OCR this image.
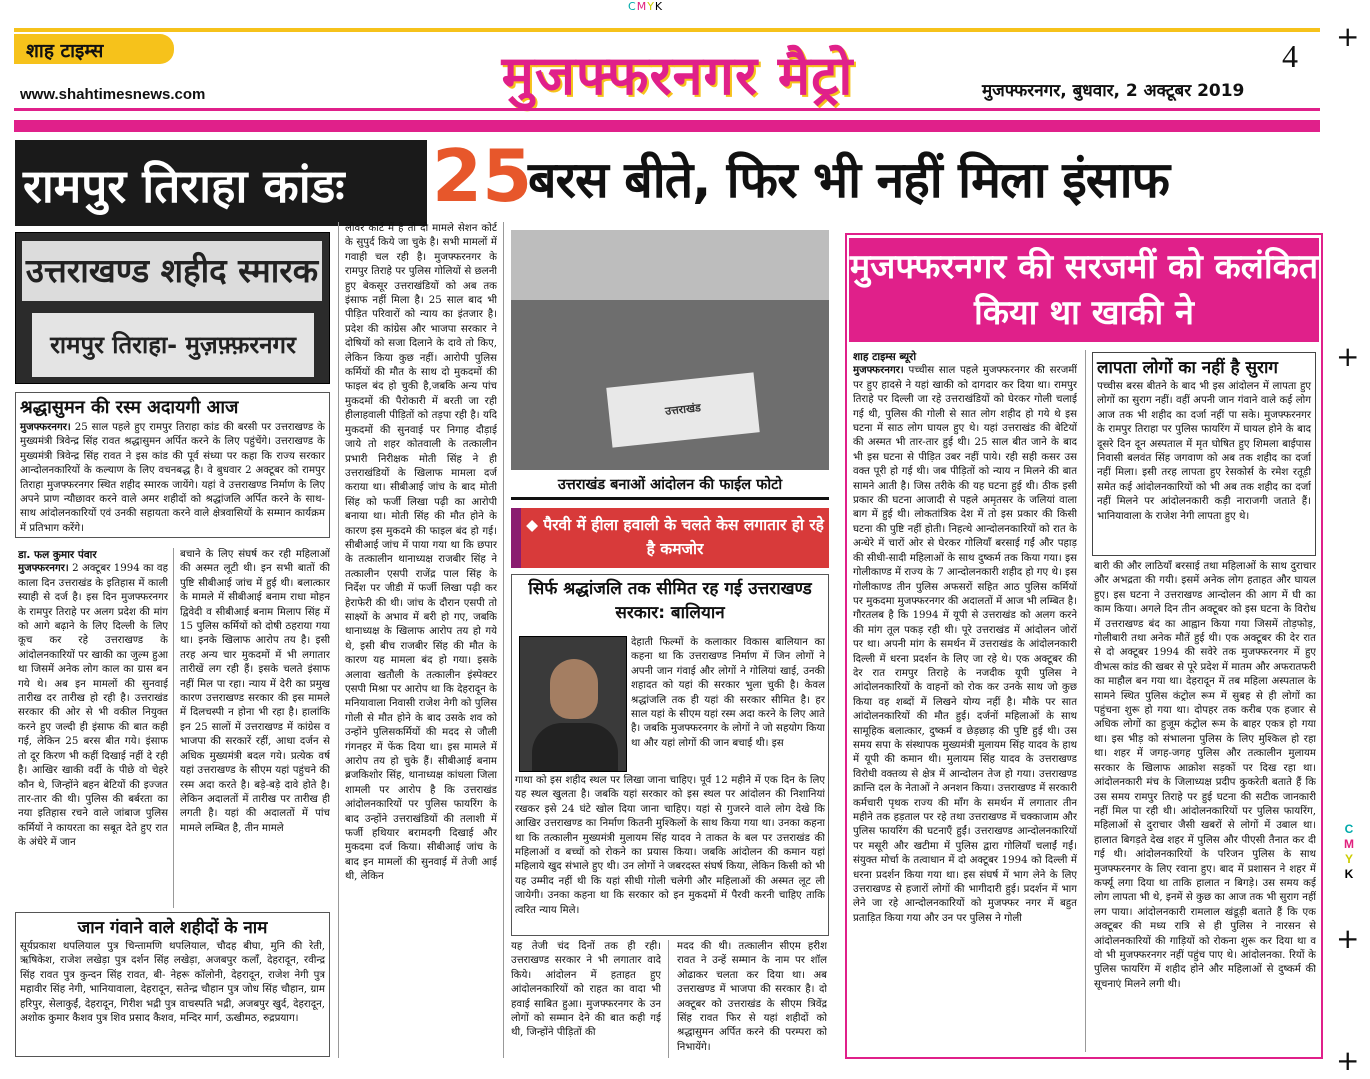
CMYK
शाह टाइम्स
www.shahtimesnews.com	मुजफ्फरनगर मैट्रो	4
मुजफ्फरनगर, बुधवार, 2 अक्टूबर 2019
+
+
+
+
C
M
Y
K
रामपुर तिराहा कांडः	25
बरस बीते, फिर भी नहीं मिला इंसाफ
उत्तराखण्ड शहीद स्मारक
रामपुर तिराहा- मुज़फ़्फ़रनगर
श्रद्धासुमन की रस्म अदायगी आज
मुजफ्फरनगर। 25 साल पहले हुए रामपुर तिराहा कांड की बरसी पर उत्तराखण्ड के मुख्यमंत्री त्रिवेन्द्र सिंह रावत श्रद्धासुमन अर्पित करने के लिए पहुंचेंगे। उत्तराखण्ड के मुख्यमंत्री त्रिवेन्द्र सिंह रावत ने इस कांड की पूर्व संध्या पर कहा कि राज्य सरकार आन्दोलनकारियों के कल्याण के लिए वचनबद्ध है। वे बुधवार 2 अक्टूबर को रामपुर तिराहा मुजफ्फरनगर स्थित शहीद स्मारक जायेंगे। यहां वे उत्तराखण्ड निर्माण के लिए अपने प्राण न्यौछावर करने वाले अमर शहीदों को श्रद्धांजलि अर्पित करने के साथ-साथ आंदोलनकारियों एवं उनकी सहायता करने वाले क्षेत्रवासियों के सम्मान कार्यक्रम में प्रतिभाग करेंगे।
डा. फल कुमार पंवार
मुजफ्फरनगर। 2 अक्टूबर 1994 का वह काला दिन उत्तराखंड के इतिहास में काली स्याही से दर्ज है। इस दिन मुजफ्फरनगर के रामपुर तिराहे पर अलग प्रदेश की मांग को आगे बढ़ाने के लिए दिल्ली के लिए कूच कर रहे उत्तराखण्ड के आंदोलनकारियों पर खाकी का जुल्म हुआ था जिसमें अनेक लोग काल का ग्रास बन गये थे। अब इन मामलों की सुनवाई तारीख दर तारीख हो रही है। उत्तराखंड सरकार की ओर से भी वकील नियुक्त करने हुए जल्दी ही इंसाफ की बात कही गई, लेकिन 25 बरस बीत गये। इंसाफ तो दूर किरण भी कहीं दिखाई नहीं दे रही है। आखिर खाकी वर्दी के पीछे वो चेहरे कौन थे, जिन्होंने बहन बेटियों की इज्जत तार-तार की थी। पुलिस की बर्बरता का नया इतिहास रचने वाले जांबाज पुलिस कर्मियों ने कायरता का सबूत देते हुए रात के अंधेरे में जान
बचाने के लिए संघर्ष कर रही महिलाओं की अस्मत लूटी थी। इन सभी बातों की पुष्टि सीबीआई जांच में हुई थी। बलात्कार के मामले में सीबीआई बनाम राधा मोहन द्विवेदी व सीबीआई बनाम मिलाप सिंह में 15 पुलिस कर्मियों को दोषी ठहराया गया था। इनके खिलाफ आरोप तय है। इसी तरह अन्य चार मुकदमों में भी लगातार तारीखें लग रही हैं। इसके चलते इंसाफ नहीं मिल पा रहा। न्याय में देरी का प्रमुख कारण उत्तराखण्ड सरकार की इस मामले में दिलचस्पी न होना भी रहा है। हालांकि इन 25 सालों में उत्तराखण्ड में कांग्रेस व भाजपा की सरकारें रहीं, आधा दर्जन से अधिक मुख्यमंत्री बदल गये। प्रत्येक वर्ष यहां उत्तराखण्ड के सीएम यहां पहुंचने की रस्म अदा करते है। बड़े-बड़े दावे होते है। लेकिन अदालतों में तारीख पर तारीख ही लगती है। यहां की अदालतों में पांच मामले लम्बित है, तीन मामले
लोवर कोर्ट में है तो दो मामले सेशन कोर्ट के सुपुर्द किये जा चुके है। सभी मामलों में गवाही चल रही है। मुजफ्फरनगर के रामपुर तिराहे पर पुलिस गोलियों से छलनी हुए बेकसूर उत्तराखंडियों को अब तक इंसाफ नहीं मिला है। 25 साल बाद भी पीड़ित परिवारों को न्याय का इंतजार है। प्रदेश की कांग्रेस और भाजपा सरकार ने दोषियों को सजा दिलाने के दावे तो किए, लेकिन किया कुछ नहीं। आरोपी पुलिस कर्मियों की मौत के साथ दो मुकदमों की फाइल बंद हो चुकी है,जबकि अन्य पांच मुकदमों की पैरोकारी में बरती जा रही हीलाहवाली पीड़ितों को तड़पा रही है। यदि मुकदमों की सुनवाई पर निगाह दौड़ाई जाये तो शहर कोतवाली के तत्कालीन प्रभारी निरीक्षक मोती सिंह ने ही उत्तराखंडियों के खिलाफ मामला दर्ज कराया था। सीबीआई जांच के बाद मोती सिंह को फर्जी लिखा पढ़ी का आरोपी बनाया था। मोती सिंह की मौत होने के कारण इस मुकदमे की फाइल बंद हो गई। सीबीआई जांच में पाया गया था कि छपार के तत्कालीन थानाध्यक्ष राजबीर सिंह ने तत्कालीन एसपी राजेंद्र पाल सिंह के निर्देश पर जीडी में फर्जी लिखा पढ़ी कर हेराफेरी की थी। जांच के दौरान एसपी तो साक्ष्यों के अभाव में बरी हो गए, जबकि थानाध्यक्ष के खिलाफ आरोप तय हो गये थे, इसी बीच राजबीर सिंह की मौत के कारण यह मामला बंद हो गया। इसके अलावा खतौली के तत्कालीन इंस्पेक्टर एसपी मिश्रा पर आरोप था कि देहरादून के मनियावाला निवासी राजेश नेगी को पुलिस गोली से मौत होने के बाद उसके शव को उन्होंने पुलिसकर्मियों की मदद से जौली गंगनहर में फेंक दिया था। इस मामले में आरोप तय हो चुके हैं। सीबीआई बनाम ब्रजकिशोर सिंह, थानाध्यक्ष कांधला जिला शामली पर आरोप है कि उत्तराखंड आंदोलनकारियों पर पुलिस फायरिंग के बाद उन्होंने उत्तराखंडियों की तलाशी में फर्जी हथियार बरामदगी दिखाई और मुकदमा दर्ज किया। सीबीआई जांच के बाद इन मामलों की सुनवाई में तेजी आई थी, लेकिन
जान गंवाने वाले शहीदों के नाम
सूर्यप्रकाश थपलियाल पुत्र चिन्तामणि थपलियाल, चौदह बीघा, मुनि की रेती, ऋषिकेश, राजेश लखेड़ा पुत्र दर्शन सिंह लखेड़ा, अजबपुर कलाँ, देहरादून, रवीन्द्र सिंह रावत पुत्र कुन्दन सिंह रावत, बी- नेहरू कॉलोनी, देहरादून, राजेश नेगी पुत्र महावीर सिंह नेगी, भानियावाला, देहरादून, सतेन्द्र चौहान पुत्र जोध सिंह चौहान, ग्राम हरिपुर, सेलाकुईं, देहरादून, गिरीश भद्री पुत्र वाचस्पति भद्री, अजबपुर खुर्द, देहरादून, अशोक कुमार कैशव पुत्र शिव प्रसाद कैशव, मन्दिर मार्ग, ऊखीमठ, रुद्रप्रयाग।
उत्तराखंड
उत्तराखंड बनाओं आंदोलन की फाईल फोटो
◆ पैरवी में हीला हवाली के चलते केस लगातार हो रहे है कमजोर
सिर्फ श्रद्धांजलि तक सीमित रह गई उत्तराखण्ड सरकार: बालियान
देहाती फिल्मों के कलाकार विकास बालियान का कहना था कि उत्तराखण्ड निर्माण में जिन लोगों ने अपनी जान गंवाई और लोगों ने गोलियां खाई, उनकी शहादत को यहां की सरकार भुला चुकी है। केवल श्रद्धांजलि तक ही यहां की सरकार सीमित है। हर साल यहां के सीएम यहां रस्म अदा करने के लिए आते है। जबकि मुजफ्फरनगर के लोगों ने जो सहयोग किया था और यहां लोगों की जान बचाई थी। इस
गाथा को इस शहीद स्थल पर लिखा जाना चाहिए। पूर्व 12 महीने में एक दिन के लिए यह स्थल खुलता है। जबकि यहां सरकार को इस स्थल पर आंदोलन की निशानियां रखकर इसे 24 घंटे खोल दिया जाना चाहिए। यहां से गुजरने वाले लोग देखे कि आखिर उत्तराखण्ड का निर्माण कितनी मुश्किलों के साथ किया गया था। उनका कहना था कि तत्कालीन मुख्यमंत्री मुलायम सिंह यादव ने ताकत के बल पर उत्तराखंड की महिलाओं व बच्चों को रोकने का प्रयास किया। जबकि आंदोलन की कमान यहां महिलाये खुद संभाले हुए थी। उन लोगों ने जबरदस्त संघर्ष किया, लेकिन किसी को भी यह उम्मीद नहीं थी कि यहां सीधी गोली चलेगी और महिलाओं की अस्मत लूट ली जायेगी। उनका कहना था कि सरकार को इन मुकदमों में पैरवी करनी चाहिए ताकि त्वरित न्याय मिले।
यह तेजी चंद दिनों तक ही रही। उत्तराखण्ड सरकार ने भी लगातार वादे किये। आंदोलन में हताहत हुए आंदोलनकारियों को राहत का वादा भी हवाई साबित हुआ। मुजफ्फरनगर के उन लोगों को सम्मान देने की बात कही गई थी, जिन्होंने पीड़ितों की
मदद की थी। तत्कालीन सीएम हरीश रावत ने उन्हें सम्मान के नाम पर शॉल ओढाकर चलता कर दिया था। अब उत्तराखण्ड में भाजपा की सरकार है। दो अक्टूबर को उत्तराखंड के सीएम त्रिवेंद्र सिंह रावत फिर से यहां शहीदों को श्रद्धासुमन अर्पित करने की परम्परा को निभायेंगे।
मुजफ्फरनगर की सरजमीं को कलंकित किया था खाकी ने
शाह टाइम्स ब्यूरो
मुजफ्फरनगर। पच्चीस साल पहले मुजफ्फरनगर की सरजमीं पर हुए हादसे ने यहां खाकी को दागदार कर दिया था। रामपुर तिराहे पर दिल्ली जा रहे उत्तराखंडियों को घेरकर गोली चलाई गई थी, पुलिस की गोली से सात लोग शहीद हो गये थे इस घटना में साठ लोग घायल हुए थे। यहां उत्तराखंड की बेटियों की अस्मत भी तार-तार हुई थी। 25 साल बीत जाने के बाद भी इस घटना से पीड़ित उबर नहीं पाये। रही सही कसर उस वक्त पूरी हो गई थी। जब पीड़ितों को न्याय न मिलने की बात सामने आती है। जिस तरीके की यह घटना हुई थी। ठीक इसी प्रकार की घटना आजादी से पहले अमृतसर के जलियां वाला बाग में हुई थी। लोकतांत्रिक देश में तो इस प्रकार की किसी घटना की पुष्टि नहीं होती। निहत्थे आन्दोलनकारियों को रात के अन्धेरे में चारों ओर से घेरकर गोलियाँ बरसाई गईं और पहाड़ की सीधी-सादी महिलाओं के साथ दुष्कर्म तक किया गया। इस गोलीकाण्ड में राज्य के 7 आन्दोलनकारी शहीद हो गए थे। इस गोलीकाण्ड तीन पुलिस अफसरों सहित आठ पुलिस कर्मियों पर मुकदमा मुजफ्फरनगर की अदालतों में आज भी लम्बित है। गौरतलब है कि 1994 में यूपी से उत्तराखंड को अलग करने की मांग तूल पकड़ रही थी। पूरे उत्तराखंड में आंदोलन जोरों पर था। अपनी मांग के समर्थन में उत्तराखंड के आंदोलनकारी दिल्ली में धरना प्रदर्शन के लिए जा रहे थे। एक अक्टूबर की देर रात रामपुर तिराहे के नजदीक यूपी पुलिस ने आंदोलनकारियों के वाहनों को रोक कर उनके साथ जो कुछ किया वह शब्दों में लिखने योग्य नहीं है। मौके पर सात आंदोलनकारियों की मौत हुई। दर्जनों महिलाओं के साथ सामूहिक बलात्कार, दुष्कर्म व छेड़छाड़ की पुष्टि हुई थी। उस समय सपा के संस्थापक मुख्यमंत्री मुलायम सिंह यादव के हाथ में यूपी की कमान थी। मुलायम सिंह यादव के उत्तराखण्ड विरोधी वक्तव्य से क्षेत्र में आन्दोलन तेज हो गया। उत्तराखण्ड क्रान्ति दल के नेताओं ने अनशन किया। उत्तराखण्ड में सरकारी कर्मचारी पृथक राज्य की माँग के समर्थन में लगातार तीन महीने तक हड़ताल पर रहे तथा उत्तराखण्ड में चक्काजाम और पुलिस फायरिंग की घटनाएँ हुईं। उत्तराखण्ड आन्दोलनकारियों पर मसूरी और खटीमा में पुलिस द्वारा गोलियाँ चलाईं गईं। संयुक्त मोर्चा के तत्वाधान में दो अक्टूबर 1994 को दिल्ली में धरना प्रदर्शन किया गया था। इस संघर्ष में भाग लेने के लिए उत्तराखण्ड से हजारों लोगों की भागीदारी हुई। प्रदर्शन में भाग लेने जा रहे आन्दोलनकारियों को मुजफ्फर नगर में बहुत प्रताड़ित किया गया और उन पर पुलिस ने गोली
लापता लोगों का नहीं है सुराग
पच्चीस बरस बीतने के बाद भी इस आंदोलन में लापता हुए लोगों का सुराग नहीं। वहीं अपनी जान गंवाने वाले कई लोग आज तक भी शहीद का दर्जा नहीं पा सके। मुजफ्फरनगर के रामपुर तिराहा पर पुलिस फायरिंग में घायल होने के बाद दूसरे दिन दून अस्पताल में मृत घोषित हुए शिमला बाईपास निवासी बलवंत सिंह जगवाण को अब तक शहीद का दर्जा नहीं मिला। इसी तरह लापता हुए रेसकोर्स के रमेश रतूड़ी समेत कई आंदोलनकारियों को भी अब तक शहीद का दर्जा नहीं मिलने पर आंदोलनकारी कड़ी नाराजगी जताते हैं। भानियावाला के राजेश नेगी लापता हुए थे।
बारी की और लाठियाँ बरसाई तथा महिलाओं के साथ दुराचार और अभद्रता की गयी। इसमें अनेक लोग हताहत और घायल हुए। इस घटना ने उत्तराखण्ड आन्दोलन की आग में घी का काम किया। अगले दिन तीन अक्टूबर को इस घटना के विरोध में उत्तराखण्ड बंद का आह्वान किया गया जिसमें तोड़फोड़, गोलीबारी तथा अनेक मौतें हुई थी। एक अक्टूबर की देर रात से दो अक्टूबर 1994 की सवेरे तक मुजफ्फरनगर में हुए वीभत्स कांड की खबर से पूरे प्रदेश में मातम और अफरातफरी का माहौल बन गया था। देहरादून में तब महिला अस्पताल के सामने स्थित पुलिस कंट्रोल रूम में सुबह से ही लोगों का पहुंचना शुरू हो गया था। दोपहर तक करीब एक हजार से अधिक लोगों का हुजूम कंट्रोल रूम के बाहर एकत्र हो गया था। इस भीड़ को संभालना पुलिस के लिए मुश्किल हो रहा था। शहर में जगह-जगह पुलिस और तत्कालीन मुलायम सरकार के खिलाफ आक्रोश सड़कों पर दिख रहा था। आंदोलनकारी मंच के जिलाध्यक्ष प्रदीप कुकरेती बताते हैं कि उस समय रामपुर तिराहे पर हुई घटना की सटीक जानकारी नहीं मिल पा रही थी। आंदोलनकारियों पर पुलिस फायरिंग, महिलाओं से दुराचार जैसी खबरों से लोगों में उबाल था। हालात बिगड़ते देख शहर में पुलिस और पीएसी तैनात कर दी गई थी। आंदोलनकारियों के परिजन पुलिस के साथ मुजफ्फरनगर के लिए रवाना हुए। बाद में प्रशासन ने शहर में कर्फ्यू लगा दिया था ताकि हालात न बिगड़े। उस समय कई लोग लापता भी थे, इनमें से कुछ का आज तक भी सुराग नहीं लग पाया। आंदोलनकारी रामलाल खंडूड़ी बताते हैं कि एक अक्टूबर की मध्य रात्रि से ही पुलिस ने नारसन से आंदोलनकारियों की गाड़ियों को रोकना शुरू कर दिया था व वो भी मुजफ्फरनगर नहीं पहुंच पाए थे। आंदोलनका. रियों के पुलिस फायरिंग में शहीद होने और महिलाओं से दुष्कर्म की सूचनाएं मिलने लगी थी।
